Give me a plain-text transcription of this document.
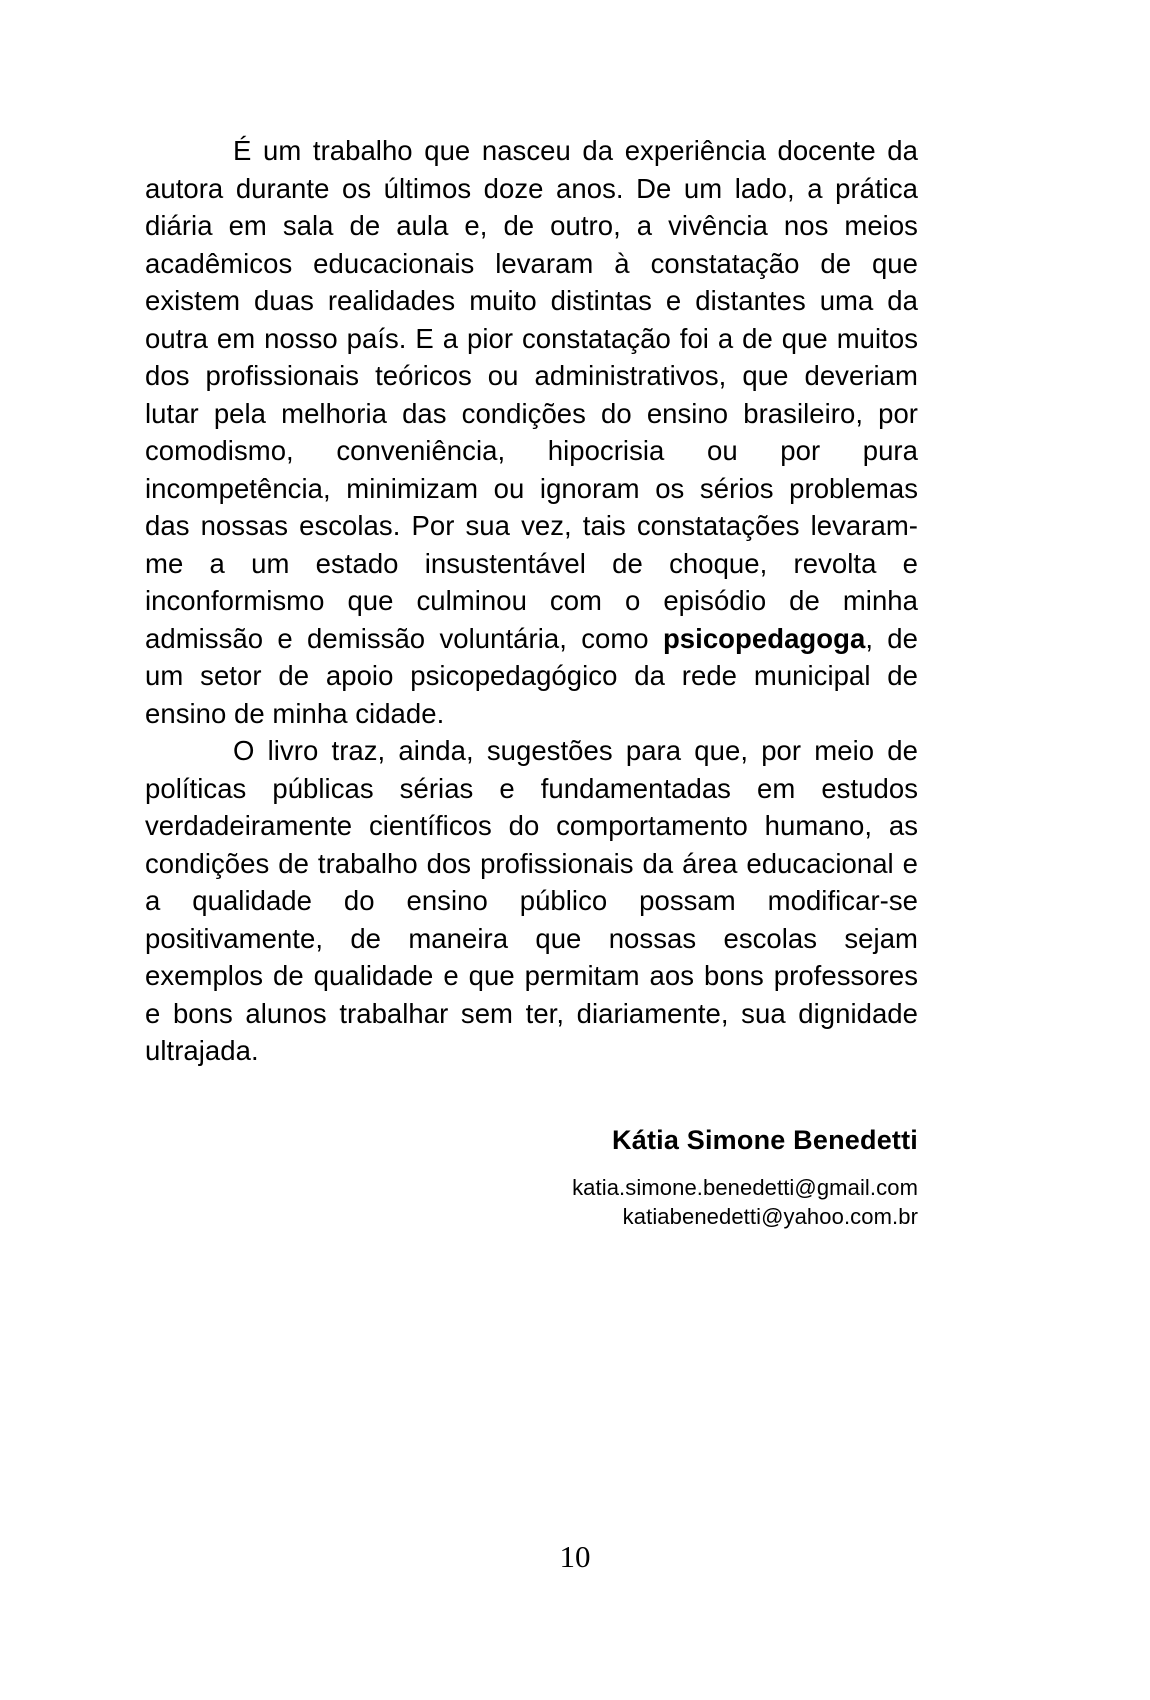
É um trabalho que nasceu da experiência docente da autora durante os últimos doze anos. De um lado, a prática diária em sala de aula e, de outro, a vivência nos meios acadêmicos educacionais levaram à constatação de que existem duas realidades muito distintas e distantes uma da outra em nosso país. E a pior constatação foi a de que muitos dos profissionais teóricos ou administrativos, que deveriam lutar pela melhoria das condições do ensino brasileiro, por comodismo, conveniência, hipocrisia ou por pura incompetência, minimizam ou ignoram os sérios problemas das nossas escolas. Por sua vez, tais constatações levaram-me a um estado insustentável de choque, revolta e inconformismo que culminou com o episódio de minha admissão e demissão voluntária, como psicopedagoga, de um setor de apoio psicopedagógico da rede municipal de ensino de minha cidade.

O livro traz, ainda, sugestões para que, por meio de políticas públicas sérias e fundamentadas em estudos verdadeiramente científicos do comportamento humano, as condições de trabalho dos profissionais da área educacional e a qualidade do ensino público possam modificar-se positivamente, de maneira que nossas escolas sejam exemplos de qualidade e que permitam aos bons professores e bons alunos trabalhar sem ter, diariamente, sua dignidade ultrajada.

Kátia Simone Benedetti

katia.simone.benedetti@gmail.com

katiabenedetti@yahoo.com.br

10
